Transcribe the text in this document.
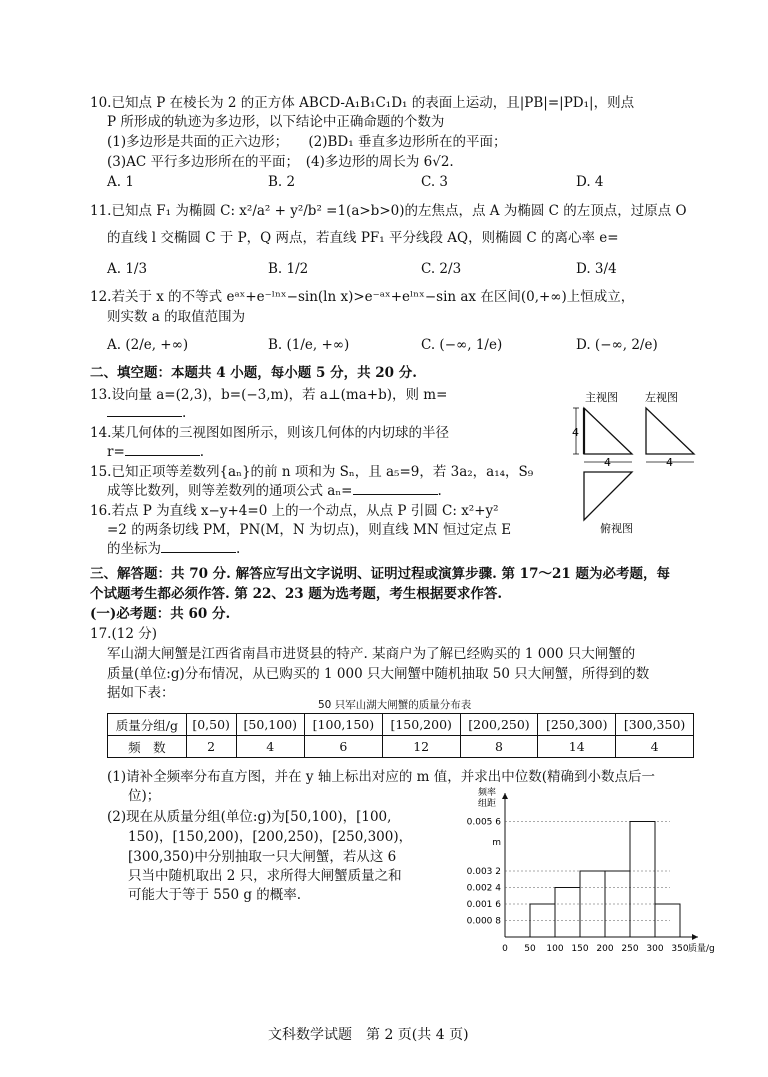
10.已知点 P 在棱长为 2 的正方体 ABCD-A₁B₁C₁D₁ 的表面上运动，且|PB|=|PD₁|，则点
P 所形成的轨迹为多边形，以下结论中正确命题的个数为
(1)多边形是共面的正六边形；　　(2)BD₁ 垂直多边形所在的平面；
(3)AC 平行多边形所在的平面；　(4)多边形的周长为 6√2.
A. 1	B. 2	C. 3	D. 4
11.已知点 F₁ 为椭圆 C: x²/a² + y²/b² =1(a>b>0)的左焦点，点 A 为椭圆 C 的左顶点，过原点 O
的直线 l 交椭圆 C 于 P，Q 两点，若直线 PF₁ 平分线段 AQ，则椭圆 C 的离心率 e=
A. 1/3	B. 1/2	C. 2/3	D. 3/4
12.若关于 x 的不等式 eᵃˣ+e⁻ˡⁿˣ−sin(ln x)>e⁻ᵃˣ+eˡⁿˣ−sin ax 在区间(0,+∞)上恒成立，
则实数 a 的取值范围为
A. (2/e, +∞)	B. (1/e, +∞)	C. (−∞, 1/e)	D. (−∞, 2/e)
二、填空题：本题共 4 小题，每小题 5 分，共 20 分.
13.设向量 a=(2,3)，b=(−3,m)，若 a⊥(ma+b)，则 m=
.
14.某几何体的三视图如图所示，则该几何体的内切球的半径
r=	.
15.已知正项等差数列{aₙ}的前 n 项和为 Sₙ，且 a₅=9，若 3a₂，a₁₄，S₉
成等比数列，则等差数列的通项公式 aₙ=	.
16.若点 P 为直线 x−y+4=0 上的一个动点，从点 P 引圆 C: x²+y²
=2 的两条切线 PM，PN(M，N 为切点)，则直线 MN 恒过定点 E
的坐标为	.
主视图 左视图
俯视图
4
4	4
三、解答题：共 70 分. 解答应写出文字说明、证明过程或演算步骤. 第 17～21 题为必考题，每
个试题考生都必须作答. 第 22、23 题为选考题，考生根据要求作答.
(一)必考题：共 60 分.
17.(12 分)
军山湖大闸蟹是江西省南昌市进贤县的特产. 某商户为了解已经购买的 1 000 只大闸蟹的
质量(单位:g)分布情况，从已购买的 1 000 只大闸蟹中随机抽取 50 只大闸蟹，所得到的数
据如下表：
50 只军山湖大闸蟹的质量分布表
质量分组/g	[0,50)	[50,100)	[100,150)	[150,200)	[200,250)	[250,300)	[300,350)
频　数	2	4	6	12	8	14	4
(1)请补全频率分布直方图，并在 y 轴上标出对应的 m 值，并求出中位数(精确到小数点后一
位)；
(2)现在从质量分组(单位:g)为[50,100)，[100,
150)，[150,200)，[200,250)，[250,300)，
[300,350)中分别抽取一只大闸蟹，若从这 6
只当中随机取出 2 只，求所得大闸蟹质量之和
可能大于等于 550 g 的概率.
0.005 6
m
0.003 2
0.002 4
0.001 6
0.000 8
频率
组距
0 50 100 150 200 250 300 350 质量/g
文科数学试题　第 2 页(共 4 页)
